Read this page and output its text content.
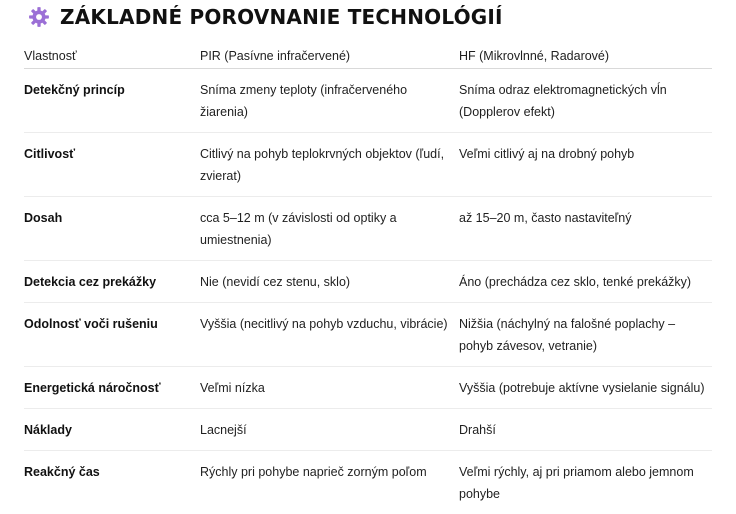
ZÁKLADNÉ POROVNANIE TECHNOLÓGIÍ
Vlastnosť	PIR (Pasívne infračervené)	HF (Mikrovlnné, Radarové)
Detekčný princíp	Sníma zmeny teploty (infračerveného žiarenia)	Sníma odraz elektromagnetických vĺn (Dopplerov efekt)
Citlivosť	Citlivý na pohyb teplokrvných objektov (ľudí, zvierat)	Veľmi citlivý aj na drobný pohyb
Dosah	cca 5–12 m (v závislosti od optiky a umiestnenia)	až 15–20 m, často nastaviteľný
Detekcia cez prekážky	Nie (nevidí cez stenu, sklo)	Áno (prechádza cez sklo, tenké prekážky)
Odolnosť voči rušeniu	Vyššia (necitlivý na pohyb vzduchu, vibrácie)	Nižšia (náchylný na falošné poplachy – pohyb závesov, vetranie)
Energetická náročnosť	Veľmi nízka	Vyššia (potrebuje aktívne vysielanie signálu)
Náklady	Lacnejší	Drahší
Reakčný čas	Rýchly pri pohybe naprieč zorným poľom	Veľmi rýchly, aj pri priamom alebo jemnom pohybe
